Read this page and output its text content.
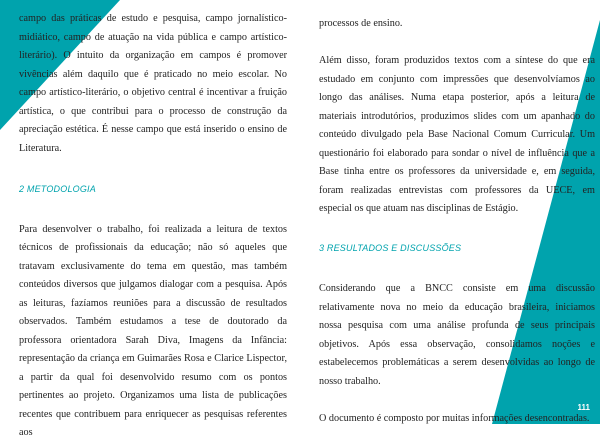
campo das práticas de estudo e pesquisa, campo jornalístico-midiático, campo de atuação na vida pública e campo artístico-literário). O intuito da organização em campos é promover vivências além daquilo que é praticado no meio escolar. No campo artístico-literário, o objetivo central é incentivar a fruição artística, o que contribui para o processo de construção da apreciação estética. É nesse campo que está inserido o ensino de Literatura.

2 METODOLOGIA

Para desenvolver o trabalho, foi realizada a leitura de textos técnicos de profissionais da educação; não só aqueles que tratavam exclusivamente do tema em questão, mas também conteúdos diversos que julgamos dialogar com a pesquisa. Após as leituras, fazíamos reuniões para a discussão de resultados observados. Também estudamos a tese de doutorado da professora orientadora Sarah Diva, Imagens da Infância: representação da criança em Guimarães Rosa e Clarice Lispector, a partir da qual foi desenvolvido resumo com os pontos pertinentes ao projeto. Organizamos uma lista de publicações recentes que contribuem para enriquecer as pesquisas referentes aos

processos de ensino.

Além disso, foram produzidos textos com a síntese do que era estudado em conjunto com impressões que desenvolvíamos ao longo das análises. Numa etapa posterior, após a leitura de materiais introdutórios, produzimos slides com um apanhado do conteúdo divulgado pela Base Nacional Comum Curricular. Um questionário foi elaborado para sondar o nível de influência que a Base tinha entre os professores da universidade e, em seguida, foram realizadas entrevistas com professores da UECE, em especial os que atuam nas disciplinas de Estágio.

3 RESULTADOS E DISCUSSÕES

Considerando que a BNCC consiste em uma discussão relativamente nova no meio da educação brasileira, iniciamos nossa pesquisa com uma análise profunda de seus principais objetivos. Após essa observação, consolidamos noções e estabelecemos problemáticas a serem desenvolvidas ao longo de nosso trabalho.

O documento é composto por muitas informações desencontradas.

111
